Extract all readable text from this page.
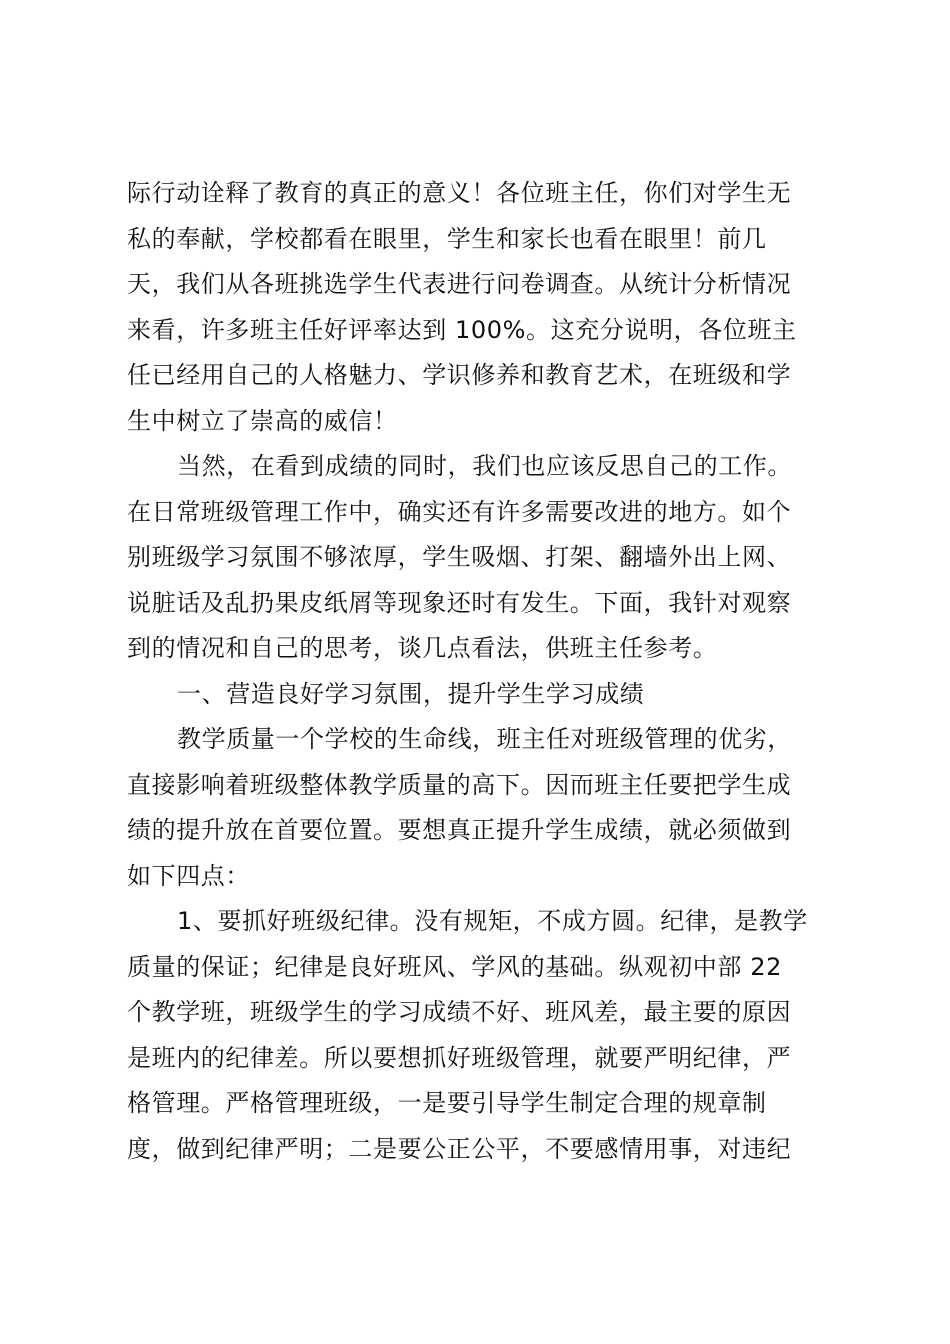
际行动诠释了教育的真正的意义！各位班主任，你们对学生无
私的奉献，学校都看在眼里，学生和家长也看在眼里！前几
天，我们从各班挑选学生代表进行问卷调查。从统计分析情况
来看，许多班主任好评率达到 100%。这充分说明，各位班主
任已经用自己的人格魅力、学识修养和教育艺术，在班级和学
生中树立了崇高的威信！
当然，在看到成绩的同时，我们也应该反思自己的工作。
在日常班级管理工作中，确实还有许多需要改进的地方。如个
别班级学习氛围不够浓厚，学生吸烟、打架、翻墙外出上网、
说脏话及乱扔果皮纸屑等现象还时有发生。下面，我针对观察
到的情况和自己的思考，谈几点看法，供班主任参考。
一、营造良好学习氛围，提升学生学习成绩
教学质量一个学校的生命线，班主任对班级管理的优劣，
直接影响着班级整体教学质量的高下。因而班主任要把学生成
绩的提升放在首要位置。要想真正提升学生成绩，就必须做到
如下四点：
1、要抓好班级纪律。没有规矩，不成方圆。纪律，是教学
质量的保证；纪律是良好班风、学风的基础。纵观初中部 22
个教学班，班级学生的学习成绩不好、班风差，最主要的原因
是班内的纪律差。所以要想抓好班级管理，就要严明纪律，严
格管理。严格管理班级，一是要引导学生制定合理的规章制
度，做到纪律严明；二是要公正公平，不要感情用事，对违纪
